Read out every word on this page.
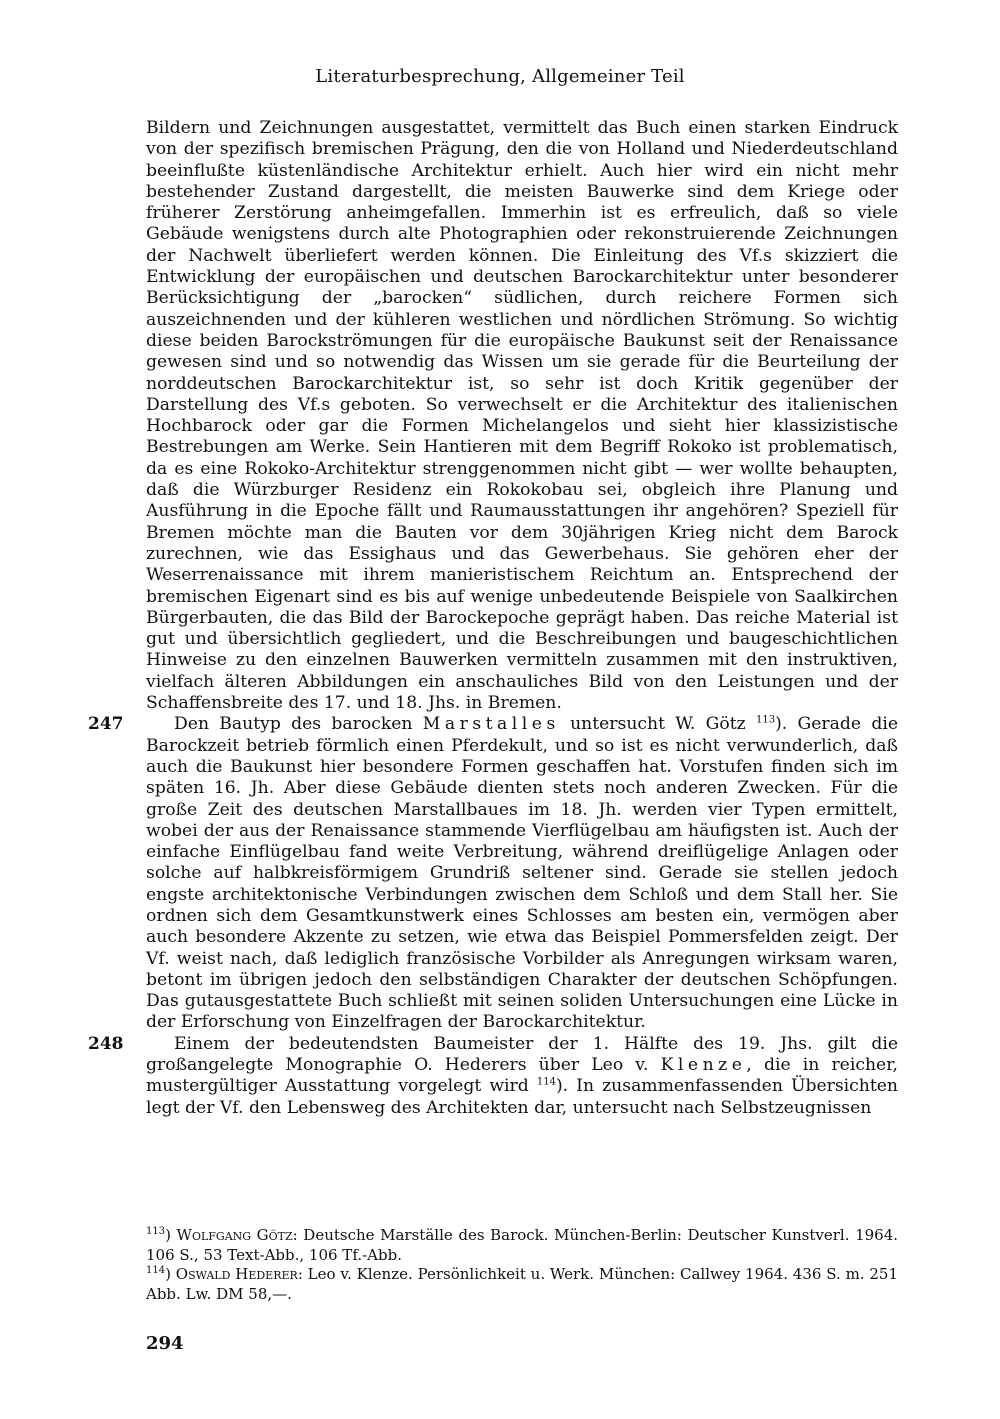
Literaturbesprechung, Allgemeiner Teil

Bildern und Zeichnungen ausgestattet, vermittelt das Buch einen starken Eindruck von der spezifisch bremischen Prägung, den die von Holland und Niederdeutschland beeinflußte küstenländische Architektur erhielt. Auch hier wird ein nicht mehr bestehender Zustand dargestellt, die meisten Bauwerke sind dem Kriege oder früherer Zerstörung anheimgefallen. Immerhin ist es erfreulich, daß so viele Gebäude wenigstens durch alte Photographien oder rekonstruierende Zeichnungen der Nachwelt überliefert werden können. Die Einleitung des Vf.s skizziert die Entwicklung der europäischen und deutschen Barockarchitektur unter besonderer Berücksichtigung der „barocken“ südlichen, durch reichere Formen sich auszeichnenden und der kühleren westlichen und nördlichen Strömung. So wichtig diese beiden Barockströmungen für die europäische Baukunst seit der Renaissance gewesen sind und so notwendig das Wissen um sie gerade für die Beurteilung der norddeutschen Barockarchitektur ist, so sehr ist doch Kritik gegenüber der Darstellung des Vf.s geboten. So verwechselt er die Architektur des italienischen Hochbarock oder gar die Formen Michelangelos und sieht hier klassizistische Bestrebungen am Werke. Sein Hantieren mit dem Begriff Rokoko ist problematisch, da es eine Rokoko-Architektur strenggenommen nicht gibt — wer wollte behaupten, daß die Würzburger Residenz ein Rokokobau sei, obgleich ihre Planung und Ausführung in die Epoche fällt und Raumausstattungen ihr angehören? Speziell für Bremen möchte man die Bauten vor dem 30jährigen Krieg nicht dem Barock zurechnen, wie das Essighaus und das Gewerbehaus. Sie gehören eher der Weserrenaissance mit ihrem manieristischem Reichtum an. Entsprechend der bremischen Eigenart sind es bis auf wenige unbedeutende Beispiele von Saalkirchen Bürgerbauten, die das Bild der Barockepoche geprägt haben. Das reiche Material ist gut und übersichtlich gegliedert, und die Beschreibungen und baugeschichtlichen Hinweise zu den einzelnen Bauwerken vermitteln zusammen mit den instruktiven, vielfach älteren Abbildungen ein anschauliches Bild von den Leistungen und der Schaffensbreite des 17. und 18. Jhs. in Bremen.

247	Den Bautyp des barocken Marstalles untersucht W. Götz $^{113}$). Gerade die Barockzeit betrieb förmlich einen Pferdekult, und so ist es nicht verwunderlich, daß auch die Baukunst hier besondere Formen geschaffen hat. Vorstufen finden sich im späten 16. Jh. Aber diese Gebäude dienten stets noch anderen Zwecken. Für die große Zeit des deutschen Marstallbaues im 18. Jh. werden vier Typen ermittelt, wobei der aus der Renaissance stammende Vierflügelbau am häufigsten ist. Auch der einfache Einflügelbau fand weite Verbreitung, während dreiflügelige Anlagen oder solche auf halbkreisförmigem Grundriß seltener sind. Gerade sie stellen jedoch engste architektonische Verbindungen zwischen dem Schloß und dem Stall her. Sie ordnen sich dem Gesamtkunstwerk eines Schlosses am besten ein, vermögen aber auch besondere Akzente zu setzen, wie etwa das Beispiel Pommersfelden zeigt. Der Vf. weist nach, daß lediglich französische Vorbilder als Anregungen wirksam waren, betont im übrigen jedoch den selbständigen Charakter der deutschen Schöpfungen. Das gutausgestattete Buch schließt mit seinen soliden Untersuchungen eine Lücke in der Erforschung von Einzelfragen der Barockarchitektur.

248	Einem der bedeutendsten Baumeister der 1. Hälfte des 19. Jhs. gilt die großangelegte Monographie O. Hederers über Leo v. Klenze, die in reicher, mustergültiger Ausstattung vorgelegt wird $^{114}$). In zusammenfassenden Übersichten legt der Vf. den Lebensweg des Architekten dar, untersucht nach Selbstzeugnissen

$^{113}$) Wolfgang Götz: Deutsche Marställe des Barock. München-Berlin: Deutscher Kunstverl. 1964. 106 S., 53 Text-Abb., 106 Tf.-Abb.

$^{114}$) Oswald Hederer: Leo v. Klenze. Persönlichkeit u. Werk. München: Callwey 1964. 436 S. m. 251 Abb. Lw. DM 58,—.

294
